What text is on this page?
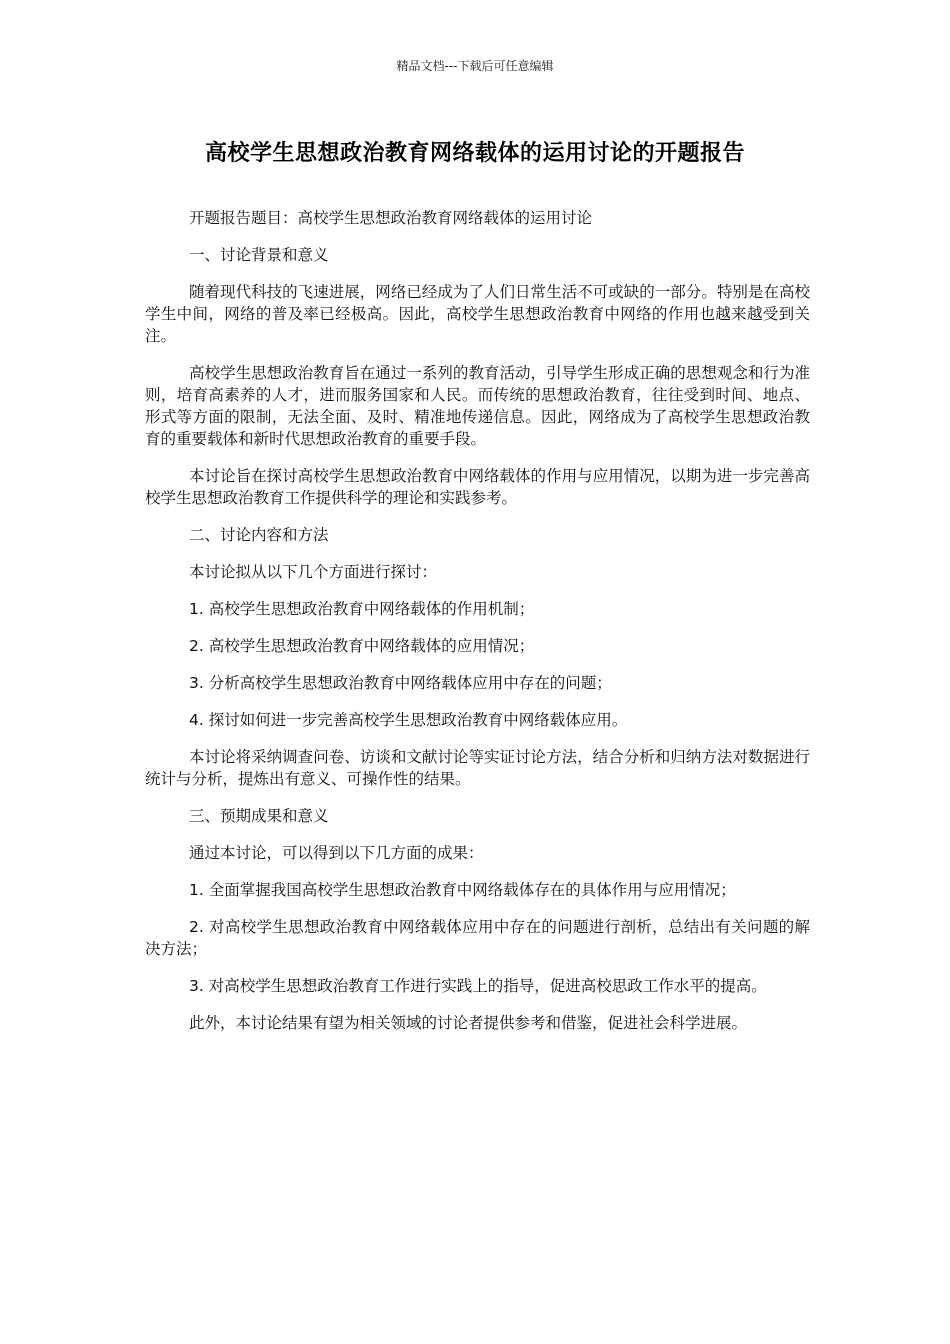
精品文档---下载后可任意编辑
高校学生思想政治教育网络载体的运用讨论的开题报告

开题报告题目：高校学生思想政治教育网络载体的运用讨论

一、讨论背景和意义

随着现代科技的飞速进展，网络已经成为了人们日常生活不可或缺的一部分。特别是在高校学生中间，网络的普及率已经极高。因此，高校学生思想政治教育中网络的作用也越来越受到关注。

高校学生思想政治教育旨在通过一系列的教育活动，引导学生形成正确的思想观念和行为准则，培育高素养的人才，进而服务国家和人民。而传统的思想政治教育，往往受到时间、地点、形式等方面的限制，无法全面、及时、精准地传递信息。因此，网络成为了高校学生思想政治教育的重要载体和新时代思想政治教育的重要手段。

本讨论旨在探讨高校学生思想政治教育中网络载体的作用与应用情况，以期为进一步完善高校学生思想政治教育工作提供科学的理论和实践参考。

二、讨论内容和方法

本讨论拟从以下几个方面进行探讨：

1. 高校学生思想政治教育中网络载体的作用机制；

2. 高校学生思想政治教育中网络载体的应用情况；

3. 分析高校学生思想政治教育中网络载体应用中存在的问题；

4. 探讨如何进一步完善高校学生思想政治教育中网络载体应用。

本讨论将采纳调查问卷、访谈和文献讨论等实证讨论方法，结合分析和归纳方法对数据进行统计与分析，提炼出有意义、可操作性的结果。

三、预期成果和意义

通过本讨论，可以得到以下几方面的成果：

1. 全面掌握我国高校学生思想政治教育中网络载体存在的具体作用与应用情况；

2. 对高校学生思想政治教育中网络载体应用中存在的问题进行剖析，总结出有关问题的解决方法；

3. 对高校学生思想政治教育工作进行实践上的指导，促进高校思政工作水平的提高。

此外，本讨论结果有望为相关领域的讨论者提供参考和借鉴，促进社会科学进展。
